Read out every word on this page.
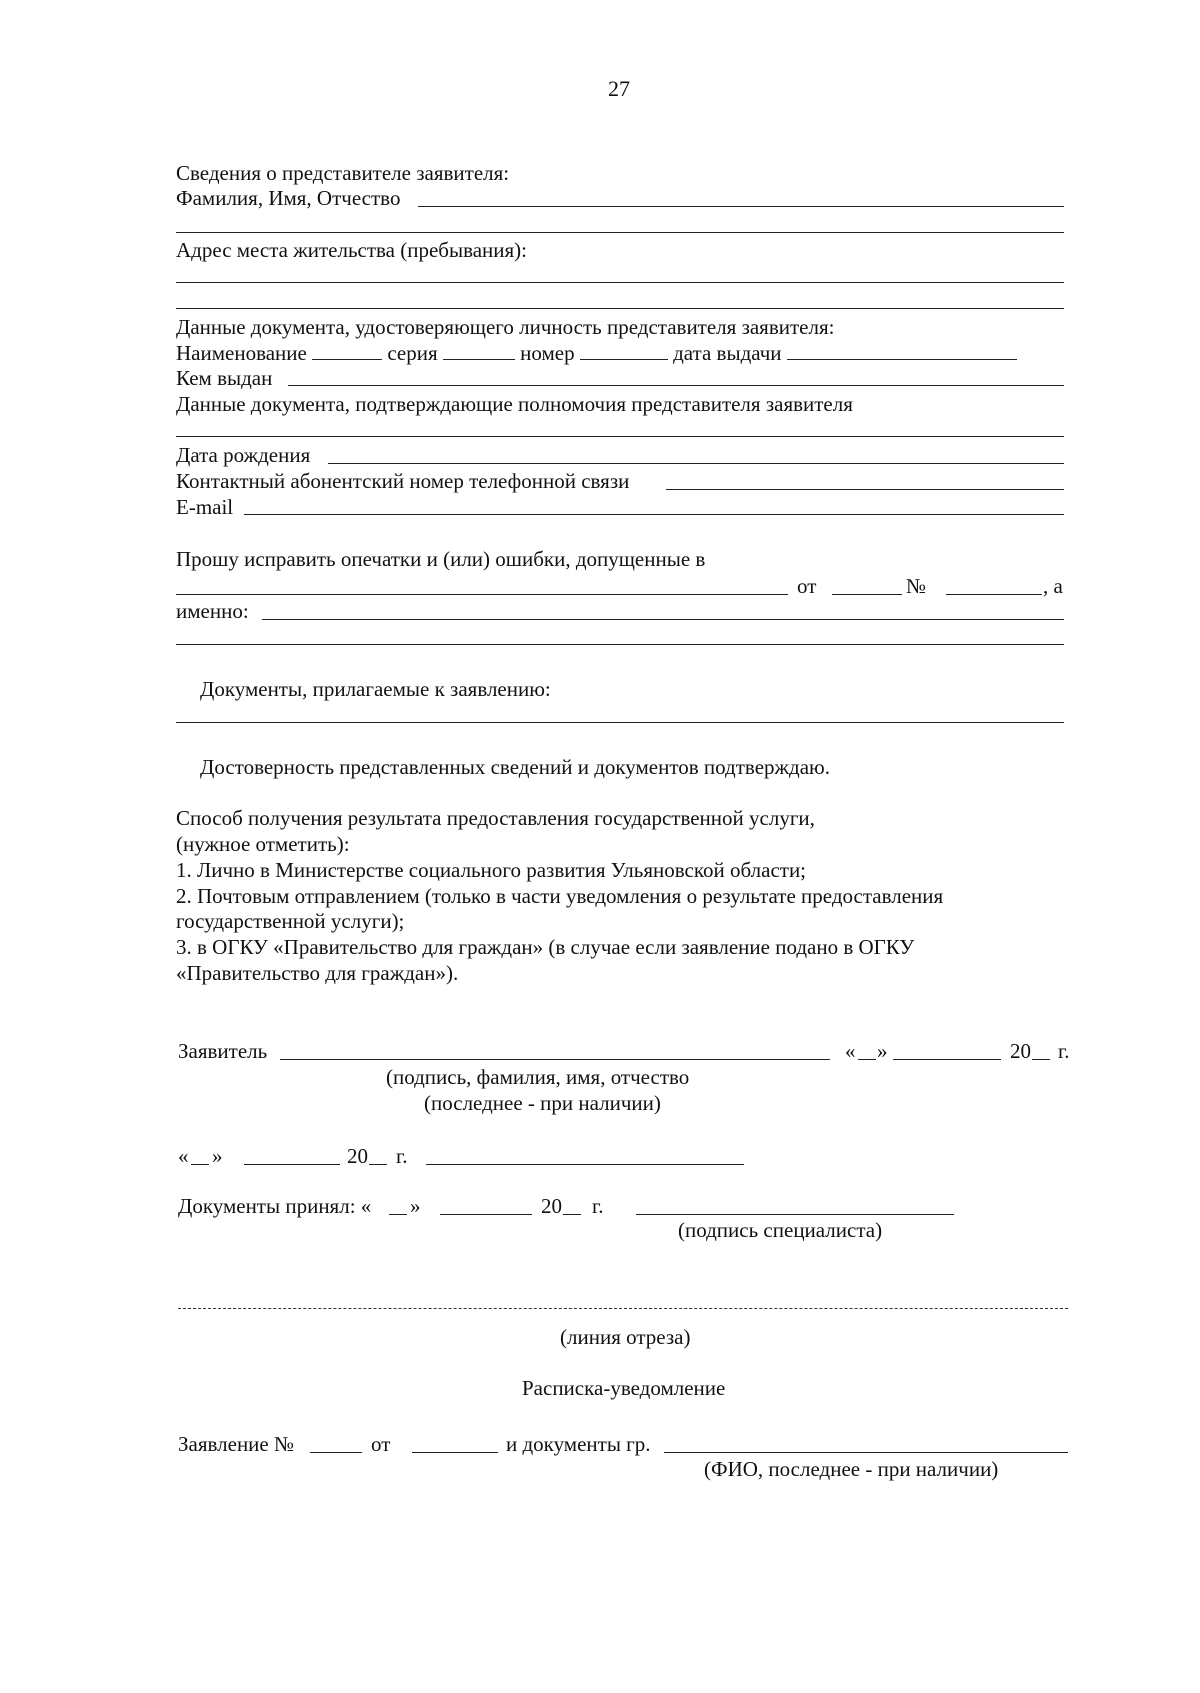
27
Сведения о представителе заявителя:
Фамилия, Имя, Отчество
Адрес места жительства (пребывания):
Данные документа, удостоверяющего личность представителя заявителя:
Наименование	серия	номер	дата выдачи
Кем выдан
Данные документа, подтверждающие полномочия представителя заявителя
Дата рождения
Контактный абонентский номер телефонной связи
E-mail
Прошу исправить опечатки и (или) ошибки, допущенные в
от	№	, а
именно:
Документы, прилагаемые к заявлению:
Достоверность представленных сведений и документов подтверждаю.
Способ получения результата предоставления государственной услуги,
(нужное отметить):
1. Лично в Министерстве социального развития Ульяновской области;
2. Почтовым отправлением (только в части уведомления о результате предоставления
государственной услуги);
3. в ОГКУ «Правительство для граждан» (в случае если заявление подано в ОГКУ
«Правительство для граждан»).
Заявитель	« »	20 г.
(подпись, фамилия, имя, отчество
(последнее - при наличии)
« »	20 г.
Документы принял: « »	20 г.
(подпись специалиста)
(линия отреза)
Расписка-уведомление
Заявление №	от	и документы гр.
(ФИО, последнее - при наличии)
